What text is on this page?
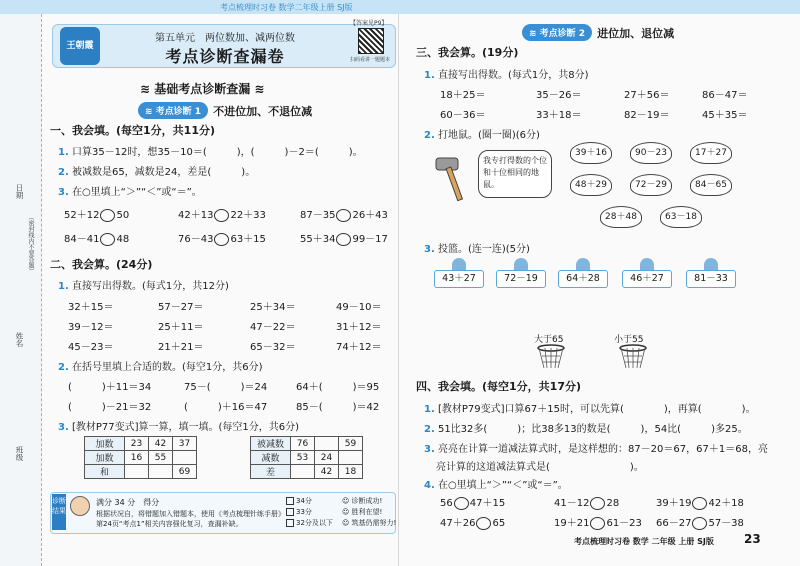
考点梳理时习卷 数学二年级上册 SJ版
日期
（密封线内不要答题）
姓名
班级
王朝霞
第五单元　两位数加、减两位数
考点诊断查漏卷
【答案见P9】
扫码看讲一题题本
≋ 基础考点诊断查漏 ≋
≋ 考点诊断 1	不进位加、不退位减
一、我会填。(每空1分，共11分)
1. 口算35－12时，想35－10＝(　　　)，(　　　)－2＝(　　　)。
2. 被减数是65，减数是24，差是(　　　)。
3. 在○里填上“＞”“＜”或“＝”。
52＋12 50	42＋13 22＋33	87－35 26＋43
84－41 48	76－43 63＋15	55＋34 99－17
二、我会算。(24分)
1. 直接写出得数。(每式1分，共12分)
32＋15＝	57－27＝	25＋34＝	49－10＝
39－12＝	25＋11＝	47－22＝	31＋12＝
45－23＝	21＋21＝	65－32＝	74＋12＝
2. 在括号里填上合适的数。(每空1分，共6分)
(　　　)＋11＝34	75－(　　　)＝24	64＋(　　　)＝95
(　　　)－21＝32	(　　　)＋16＝47	85－(　　　)＝42
3. [教材P77变式]算一算，填一填。(每空1分，共6分)
加数	23	42	37
加数	16	55	
和			69
被减数	76		59
减数	53	24	
差		42	18
诊断结果
满分 34 分　得分
根据状况自，将错题加入错题本，使用《考点梳理针练手册》
第24页“考点1”相关内容强化复习，查漏补缺。
34分
33分
32分及以下
☺ 诊断成功!
☺ 胜利在望!
☺ 筑基仍需努力!
≋ 考点诊断 2	进位加、退位减
三、我会算。(19分)
1. 直接写出得数。(每式1分，共8分)
18＋25＝	35－26＝	27＋56＝	86－47＝
60－36＝	33＋18＝	82－19＝	45＋35＝
2. 打地鼠。(圈一圈)(6分)
我专打得数的个位和十位相同的地鼠。
39＋16	90－23	17＋27
48＋29	72－29	84－65
28＋48	63－18
3. 投篮。(连一连)(5分)
43＋27	72－19	64＋28	46＋27	81－33
大于65	小于55
四、我会填。(每空1分，共17分)
1. [教材P79变式]口算67＋15时，可以先算(　　　　)，再算(　　　　)。
2. 51比32多(　　　)；比38多13的数是(　　　)，54比(　　　)多25。
3. 亮亮在计算一道减法算式时，是这样想的：87－20＝67，67＋1＝68，亮
亮计算的这道减法算式是(　　　　　　　　)。
4. 在○里填上“＞”“＜”或“＝”。
56 47＋15	41－12 28	39＋19 42＋18
47＋26 65	19＋21 61－23 66－27 57－38
考点梳理时习卷 数学 二年级 上册 SJ版	23
